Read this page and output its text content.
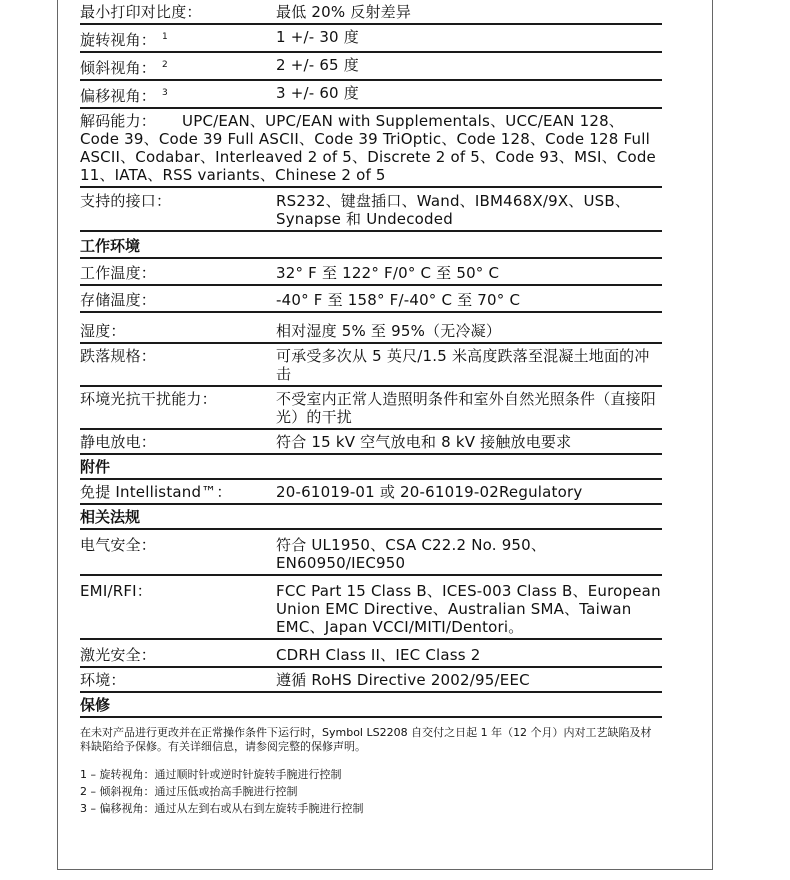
最小打印对比度：	最低 20% 反射差异
旋转视角： $^1$	1 +/- 30 度
倾斜视角： $^2$	2 +/- 65 度
偏移视角： $^3$	3 +/- 60 度
解码能力： UPC/EAN、UPC/EAN with Supplementals、UCC/EAN 128、Code 39、Code 39 Full ASCII、Code 39 TriOptic、Code 128、Code 128 Full ASCII、Codabar、Interleaved 2 of 5、Discrete 2 of 5、Code 93、MSI、Code 11、IATA、RSS variants、Chinese 2 of 5
支持的接口：	RS232、键盘插口、Wand、IBM468X/9X、USB、Synapse 和 Undecoded
工作环境
工作温度：	32° F 至 122° F/0° C 至 50° C
存储温度：	-40° F 至 158° F/-40° C 至 70° C
湿度：	相对湿度 5% 至 95%（无冷凝）
跌落规格：	可承受多次从 5 英尺/1.5 米高度跌落至混凝土地面的冲击
环境光抗干扰能力：	不受室内正常人造照明条件和室外自然光照条件（直接阳光）的干扰
静电放电：	符合 15 kV 空气放电和 8 kV 接触放电要求
附件
免提 Intellistand™：	20-61019-01 或 20-61019-02Regulatory
相关法规
电气安全：	符合 UL1950、CSA C22.2 No. 950、EN60950/IEC950
EMI/RFI：	FCC Part 15 Class B、ICES-003 Class B、European Union EMC Directive、Australian SMA、Taiwan EMC、Japan VCCI/MITI/Dentori。
激光安全：	CDRH Class II、IEC Class 2
环境：	遵循 RoHS Directive 2002/95/EEC
保修
在未对产品进行更改并在正常操作条件下运行时，Symbol LS2208 自交付之日起 1 年（12 个月）内对工艺缺陷及材料缺陷给予保修。有关详细信息，请参阅完整的保修声明。
1 – 旋转视角：通过顺时针或逆时针旋转手腕进行控制
2 – 倾斜视角：通过压低或抬高手腕进行控制
3 – 偏移视角：通过从左到右或从右到左旋转手腕进行控制
